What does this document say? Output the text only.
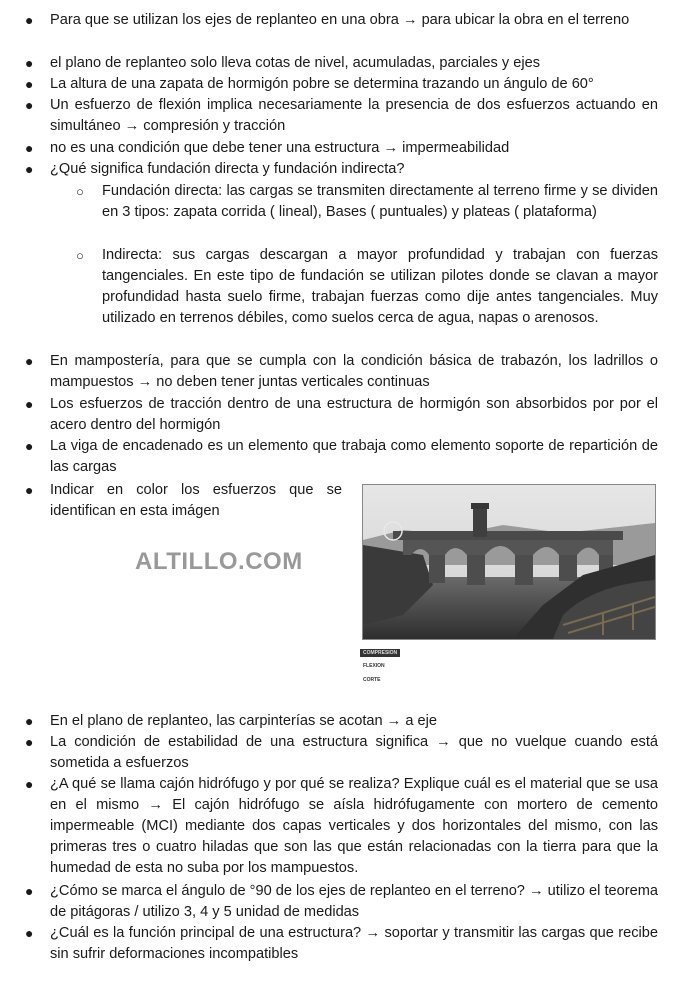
● Para que se utilizan los ejes de replanteo en una obra → para ubicar la obra en el terreno
● el plano de replanteo solo lleva cotas de nivel, acumuladas, parciales y ejes
● La altura de una zapata de hormigón pobre se determina trazando un ángulo de 60°
● Un esfuerzo de flexión implica necesariamente la presencia de dos esfuerzos actuando en simultáneo → compresión y tracción
● no es una condición que debe tener una estructura → impermeabilidad
● ¿Qué significa fundación directa y fundación indirecta?
○ Fundación directa: las cargas se transmiten directamente al terreno firme y se dividen en 3 tipos: zapata corrida ( lineal), Bases ( puntuales) y plateas ( plataforma)
○ Indirecta: sus cargas descargan a mayor profundidad y trabajan con fuerzas tangenciales. En este tipo de fundación se utilizan pilotes donde se clavan a mayor profundidad hasta suelo firme, trabajan fuerzas como dije antes tangenciales. Muy utilizado en terrenos débiles, como suelos cerca de agua, napas o arenosos.
● En mampostería, para que se cumpla con la condición básica de trabazón, los ladrillos o mampuestos → no deben tener juntas verticales continuas
● Los esfuerzos de tracción dentro de una estructura de hormigón son absorbidos por por el acero dentro del hormigón
● La viga de encadenado es un elemento que trabaja como elemento soporte de repartición de las cargas
● Indicar en color los esfuerzos que se identifican en esta imágen
ALTILLO.COM
COMPRESION
FLEXION
CORTE
● En el plano de replanteo, las carpinterías se acotan → a eje
● La condición de estabilidad de una estructura significa → que no vuelque cuando está sometida a esfuerzos
● ¿A qué se llama cajón hidrófugo y por qué se realiza? Explique cuál es el material que se usa en el mismo → El cajón hidrófugo se aísla hidrófugamente con mortero de cemento impermeable (MCI) mediante dos capas verticales y dos horizontales del mismo, con las primeras tres o cuatro hiladas que son las que están relacionadas con la tierra para que la humedad de esta no suba por los mampuestos.
● ¿Cómo se marca el ángulo de °90 de los ejes de replanteo en el terreno? → utilizo el teorema de pitágoras / utilizo 3, 4 y 5 unidad de medidas
● ¿Cuál es la función principal de una estructura? → soportar y transmitir las cargas que recibe sin sufrir deformaciones incompatibles
